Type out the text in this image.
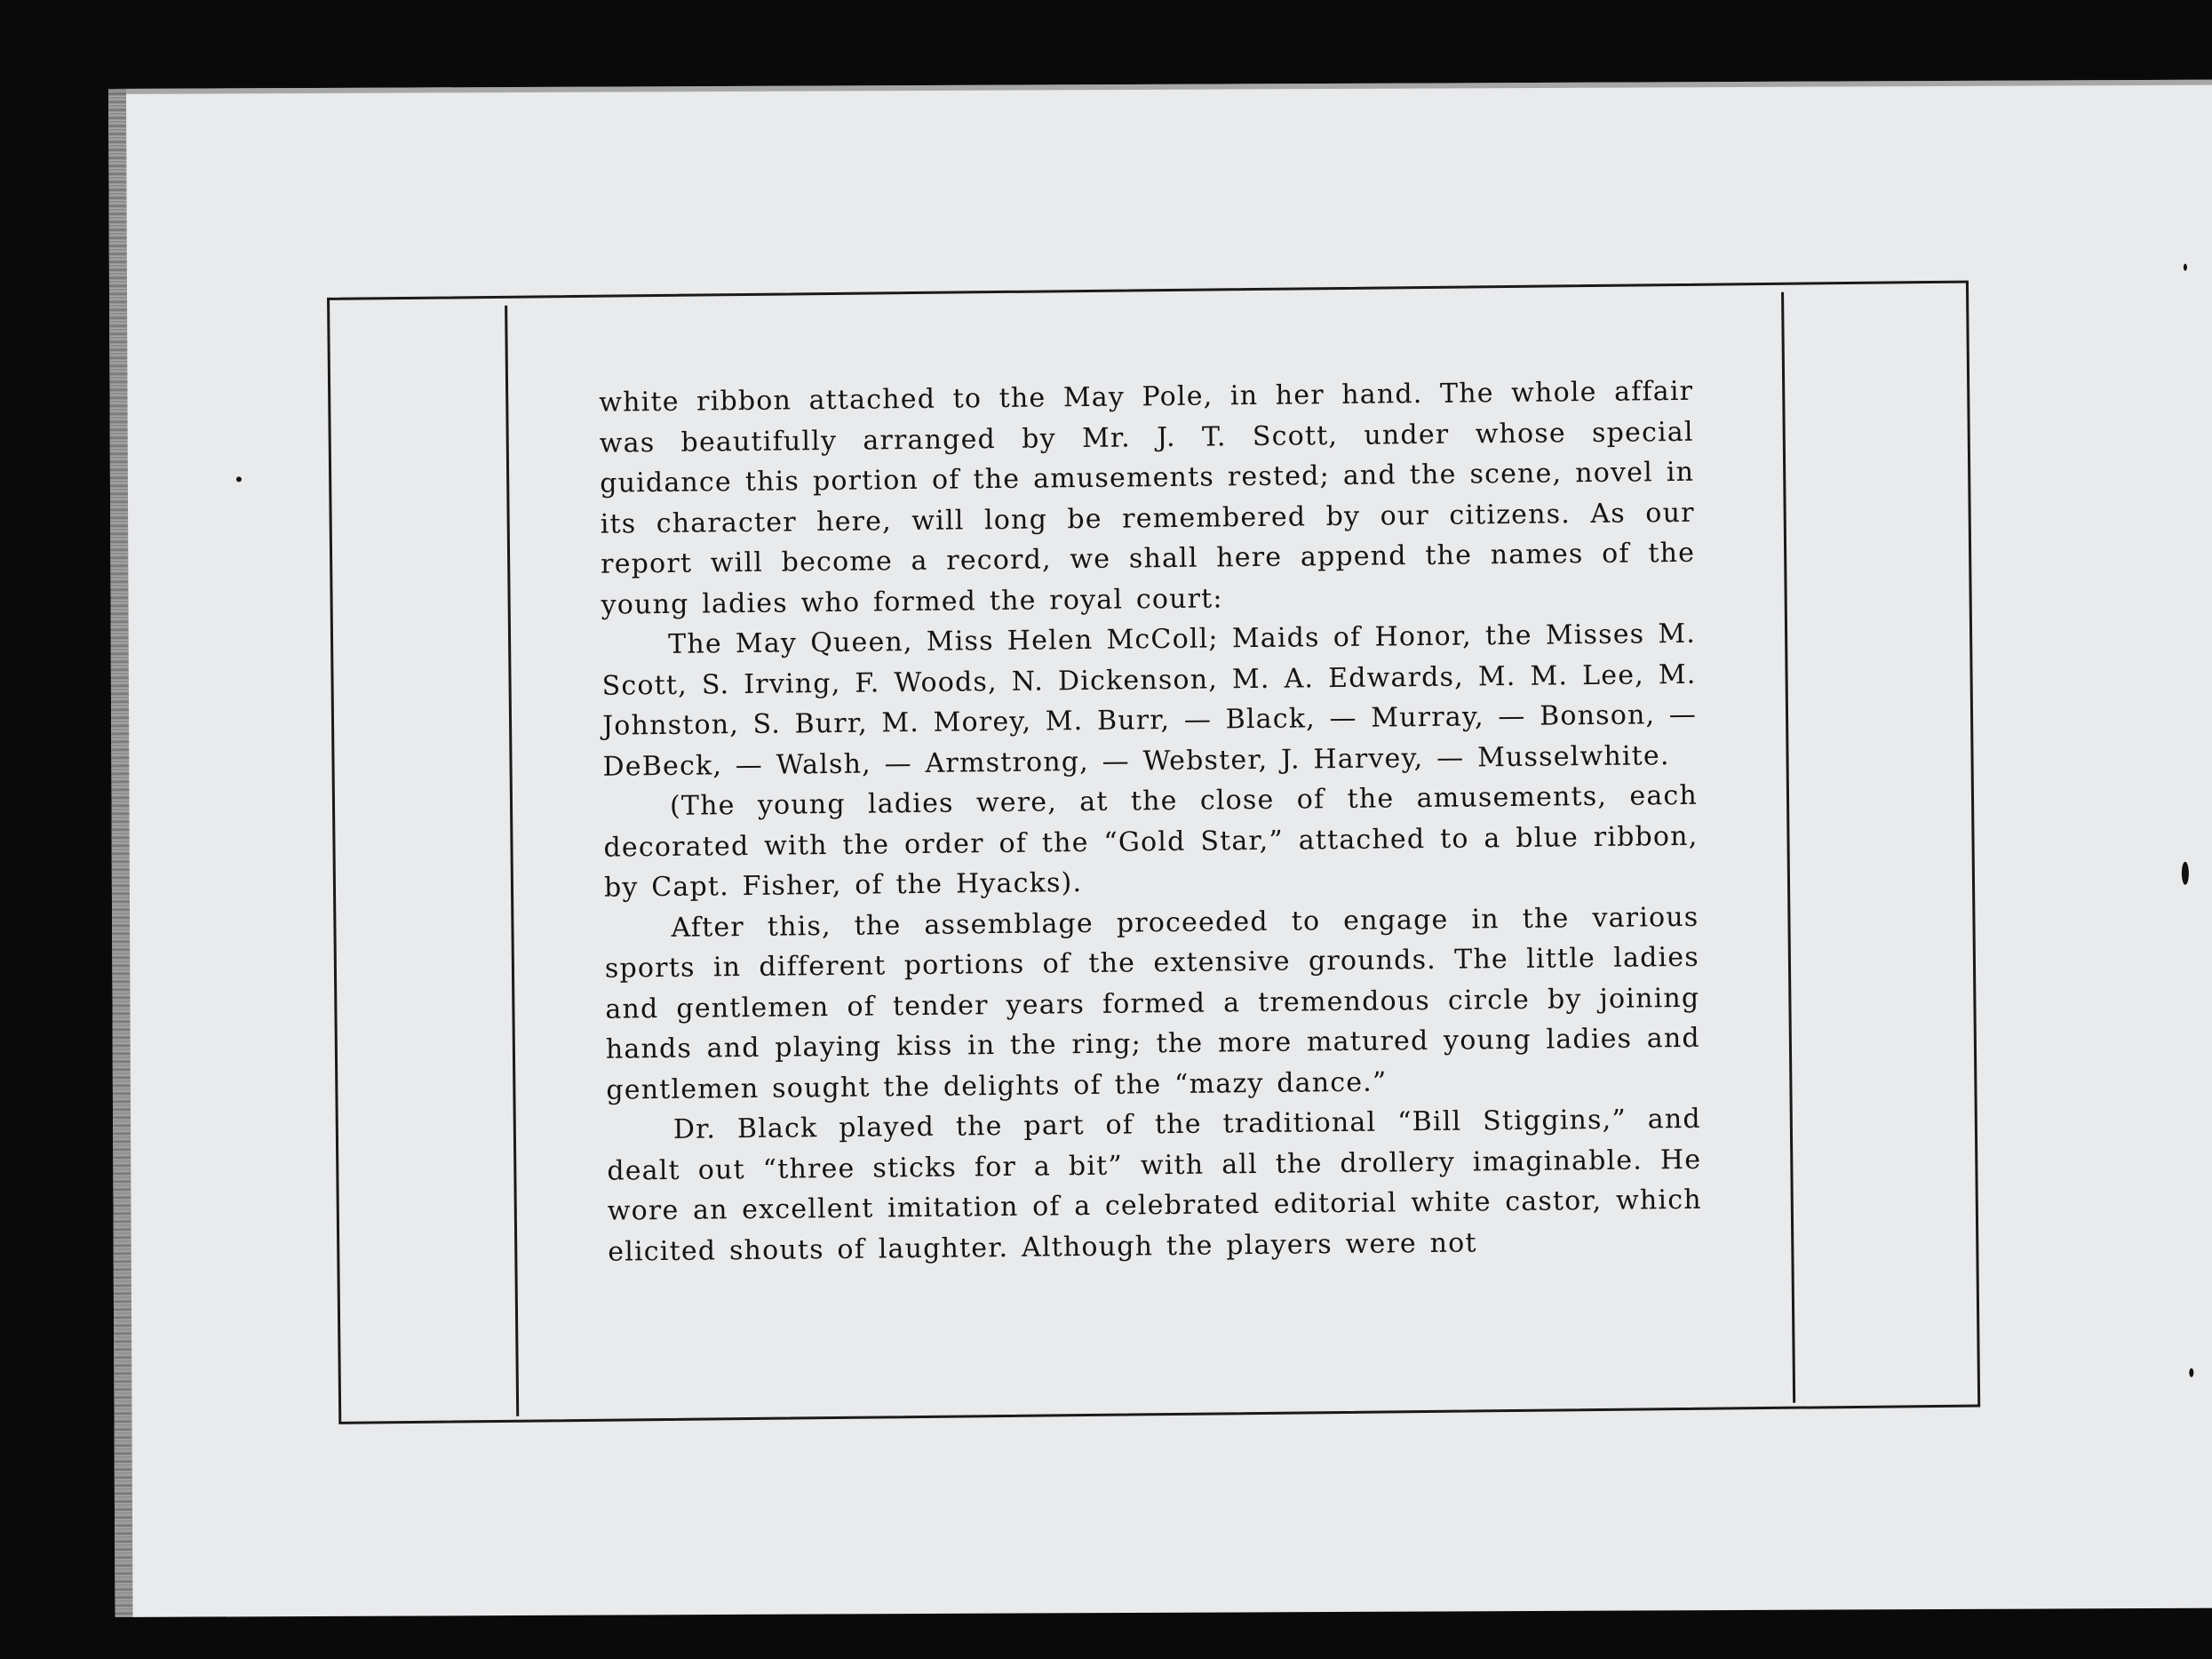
white ribbon attached to the May Pole, in her hand. The whole affair was beautifully arranged by Mr. J. T. Scott, under whose special guidance this portion of the amusements rested; and the scene, novel in its character here, will long be remembered by our citizens. As our report will become a record, we shall here append the names of the young ladies who formed the royal court:

The May Queen, Miss Helen McColl; Maids of Honor, the Misses M. Scott, S. Irving, F. Woods, N. Dickenson, M. A. Edwards, M. M. Lee, M. Johnston, S. Burr, M. Morey, M. Burr, — Black, — Murray, — Bonson, — DeBeck, — Walsh, — Armstrong, — Webster, J. Harvey, — Musselwhite.

(The young ladies were, at the close of the amusements, each decorated with the order of the “Gold Star,” attached to a blue ribbon, by Capt. Fisher, of the Hyacks).

After this, the assemblage proceeded to engage in the various sports in different portions of the extensive grounds. The little ladies and gentlemen of tender years formed a tremendous circle by joining hands and playing kiss in the ring; the more matured young ladies and gentlemen sought the delights of the “mazy dance.”

Dr. Black played the part of the traditional “Bill Stiggins,” and dealt out “three sticks for a bit” with all the drollery imaginable. He wore an excellent imitation of a celebrated editorial white castor, which elicited shouts of laughter. Although the players were not
